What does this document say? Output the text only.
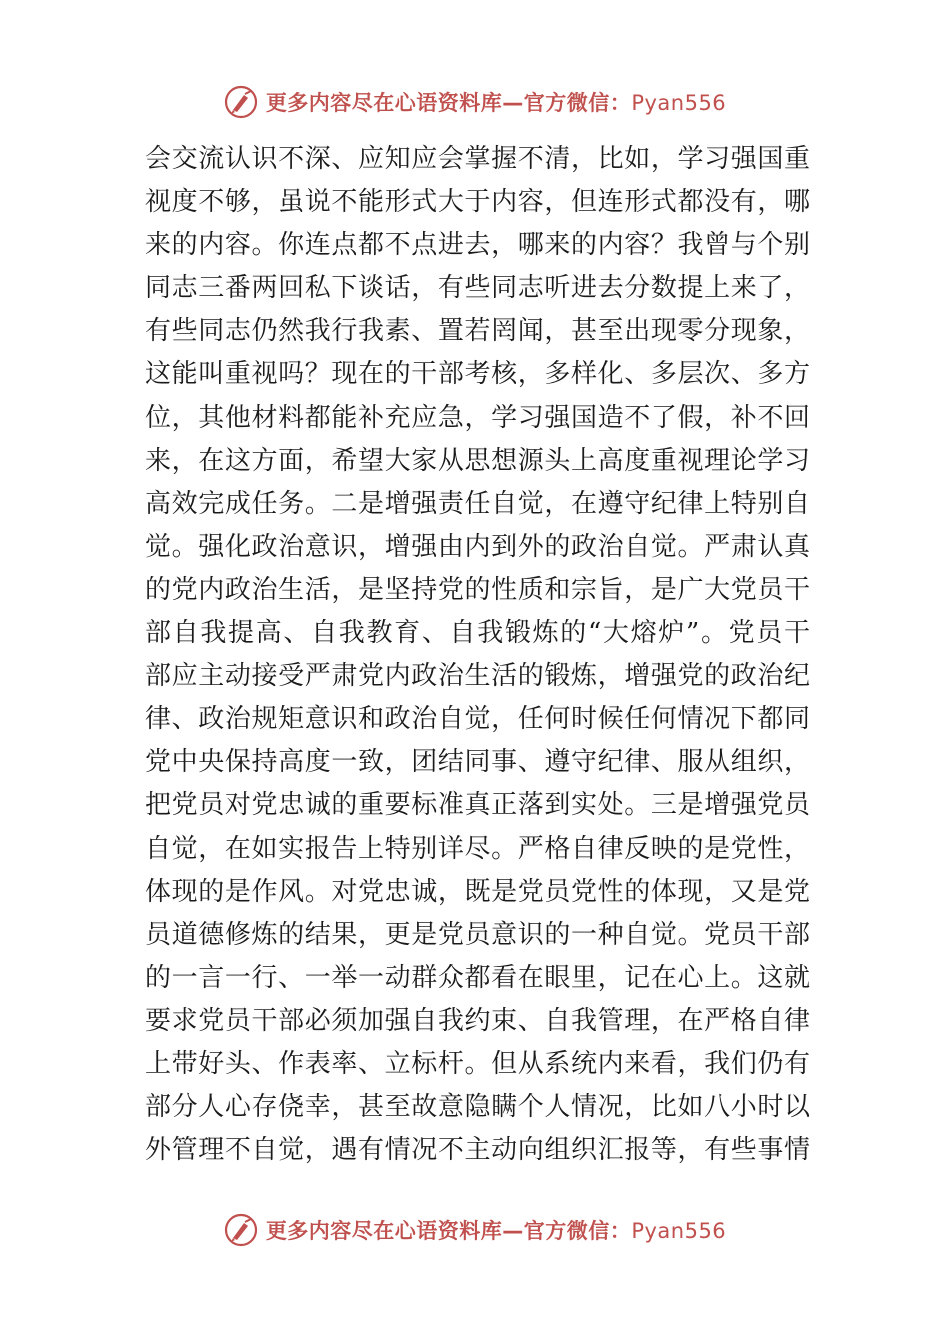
更多内容尽在心语资料库—官方微信：Pyan556
会交流认识不深、应知应会掌握不清，比如，学习强国重
视度不够，虽说不能形式大于内容，但连形式都没有，哪
来的内容。你连点都不点进去，哪来的内容？我曾与个别
同志三番两回私下谈话，有些同志听进去分数提上来了，
有些同志仍然我行我素、置若罔闻，甚至出现零分现象，
这能叫重视吗？现在的干部考核，多样化、多层次、多方
位，其他材料都能补充应急，学习强国造不了假，补不回
来，在这方面，希望大家从思想源头上高度重视理论学习
高效完成任务。二是增强责任自觉，在遵守纪律上特别自
觉。强化政治意识，增强由内到外的政治自觉。严肃认真
的党内政治生活，是坚持党的性质和宗旨，是广大党员干
部自我提高、自我教育、自我锻炼的“大熔炉”。党员干
部应主动接受严肃党内政治生活的锻炼，增强党的政治纪
律、政治规矩意识和政治自觉，任何时候任何情况下都同
党中央保持高度一致，团结同事、遵守纪律、服从组织，
把党员对党忠诚的重要标准真正落到实处。三是增强党员
自觉，在如实报告上特别详尽。严格自律反映的是党性，
体现的是作风。对党忠诚，既是党员党性的体现，又是党
员道德修炼的结果，更是党员意识的一种自觉。党员干部
的一言一行、一举一动群众都看在眼里，记在心上。这就
要求党员干部必须加强自我约束、自我管理，在严格自律
上带好头、作表率、立标杆。但从系统内来看，我们仍有
部分人心存侥幸，甚至故意隐瞒个人情况，比如八小时以
外管理不自觉，遇有情况不主动向组织汇报等，有些事情
更多内容尽在心语资料库—官方微信：Pyan556
